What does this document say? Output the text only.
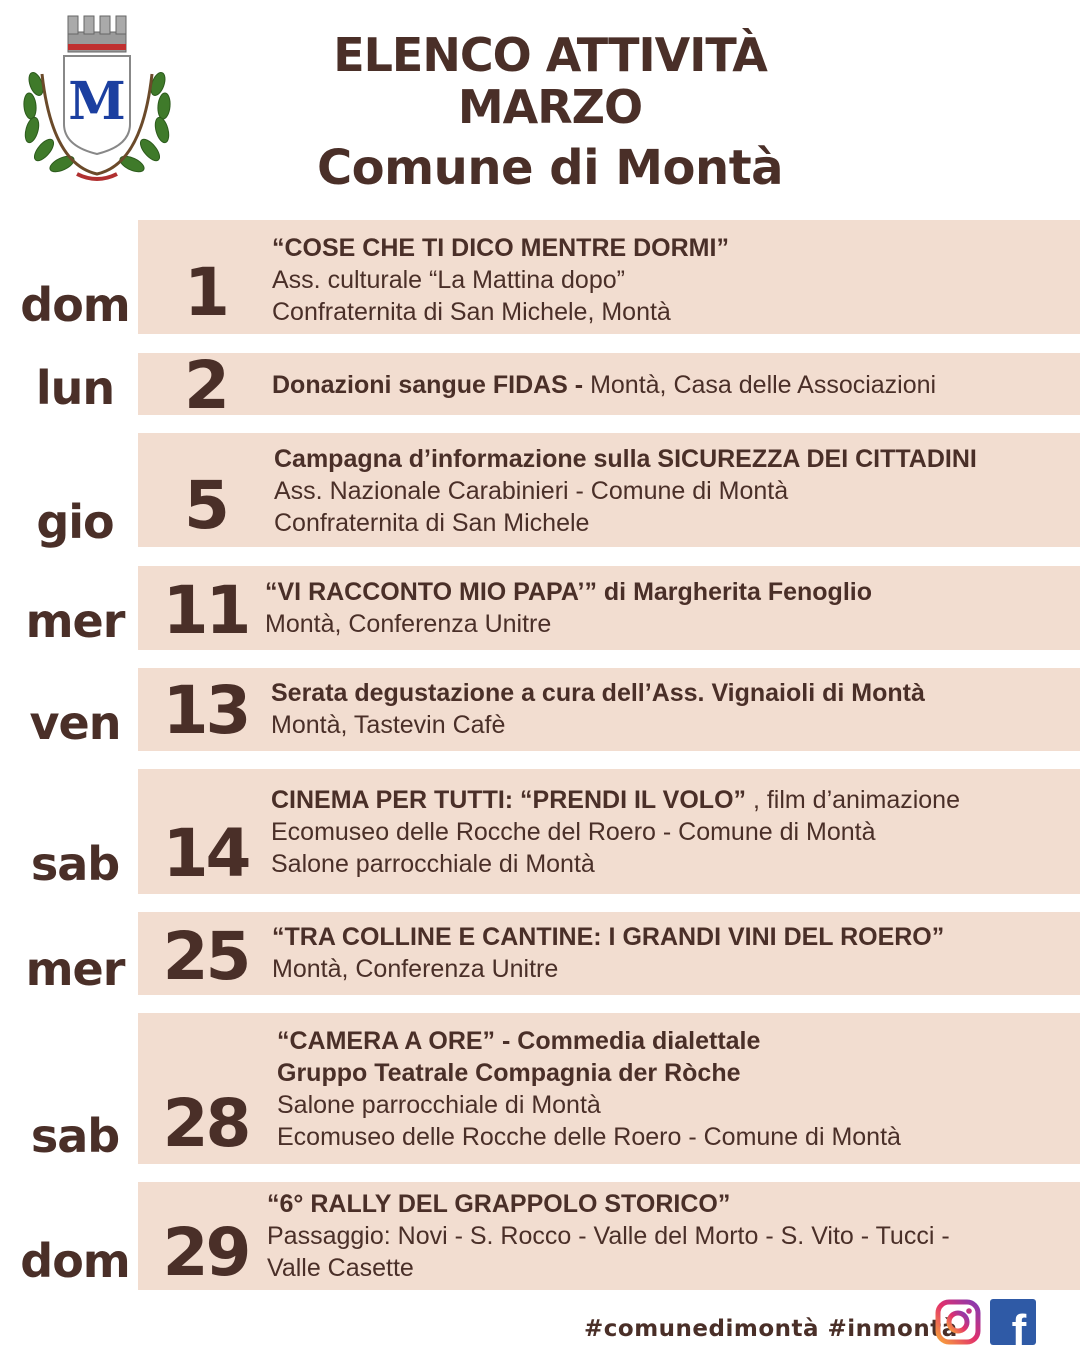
M
ELENCO ATTIVITÀ
MARZO
Comune di Montà
dom 1
“COSE CHE TI DICO MENTRE DORMI”
Ass. culturale “La Mattina dopo”
Confraternita di San Michele, Montà
lun	2	Donazioni sangue FIDAS - Montà, Casa delle Associazioni
gio	5
Campagna d’informazione sulla SICUREZZA DEI CITTADINI
Ass. Nazionale Carabinieri - Comune di Montà
Confraternita di San Michele
mer 11 “VI RACCONTO MIO PAPA’” di Margherita Fenoglio
Montà, Conferenza Unitre
ven 13 Serata degustazione a cura dell’Ass. Vignaioli di Montà
Montà, Tastevin Cafè
sab 14
CINEMA PER TUTTI: “PRENDI IL VOLO” , film d’animazione
Ecomuseo delle Rocche del Roero - Comune di Montà
Salone parrocchiale di Montà
mer 25 “TRA COLLINE E CANTINE: I GRANDI VINI DEL ROERO”
Montà, Conferenza Unitre
sab 28
“CAMERA A ORE” - Commedia dialettale
Gruppo Teatrale Compagnia der Ròche
Salone parrocchiale di Montà
Ecomuseo delle Rocche delle Roero - Comune di Montà
dom 29
“6° RALLY DEL GRAPPOLO STORICO”
Passaggio: Novi - S. Rocco - Valle del Morto - S. Vito - Tucci -
Valle Casette
#comunedimontà #inmontà f
